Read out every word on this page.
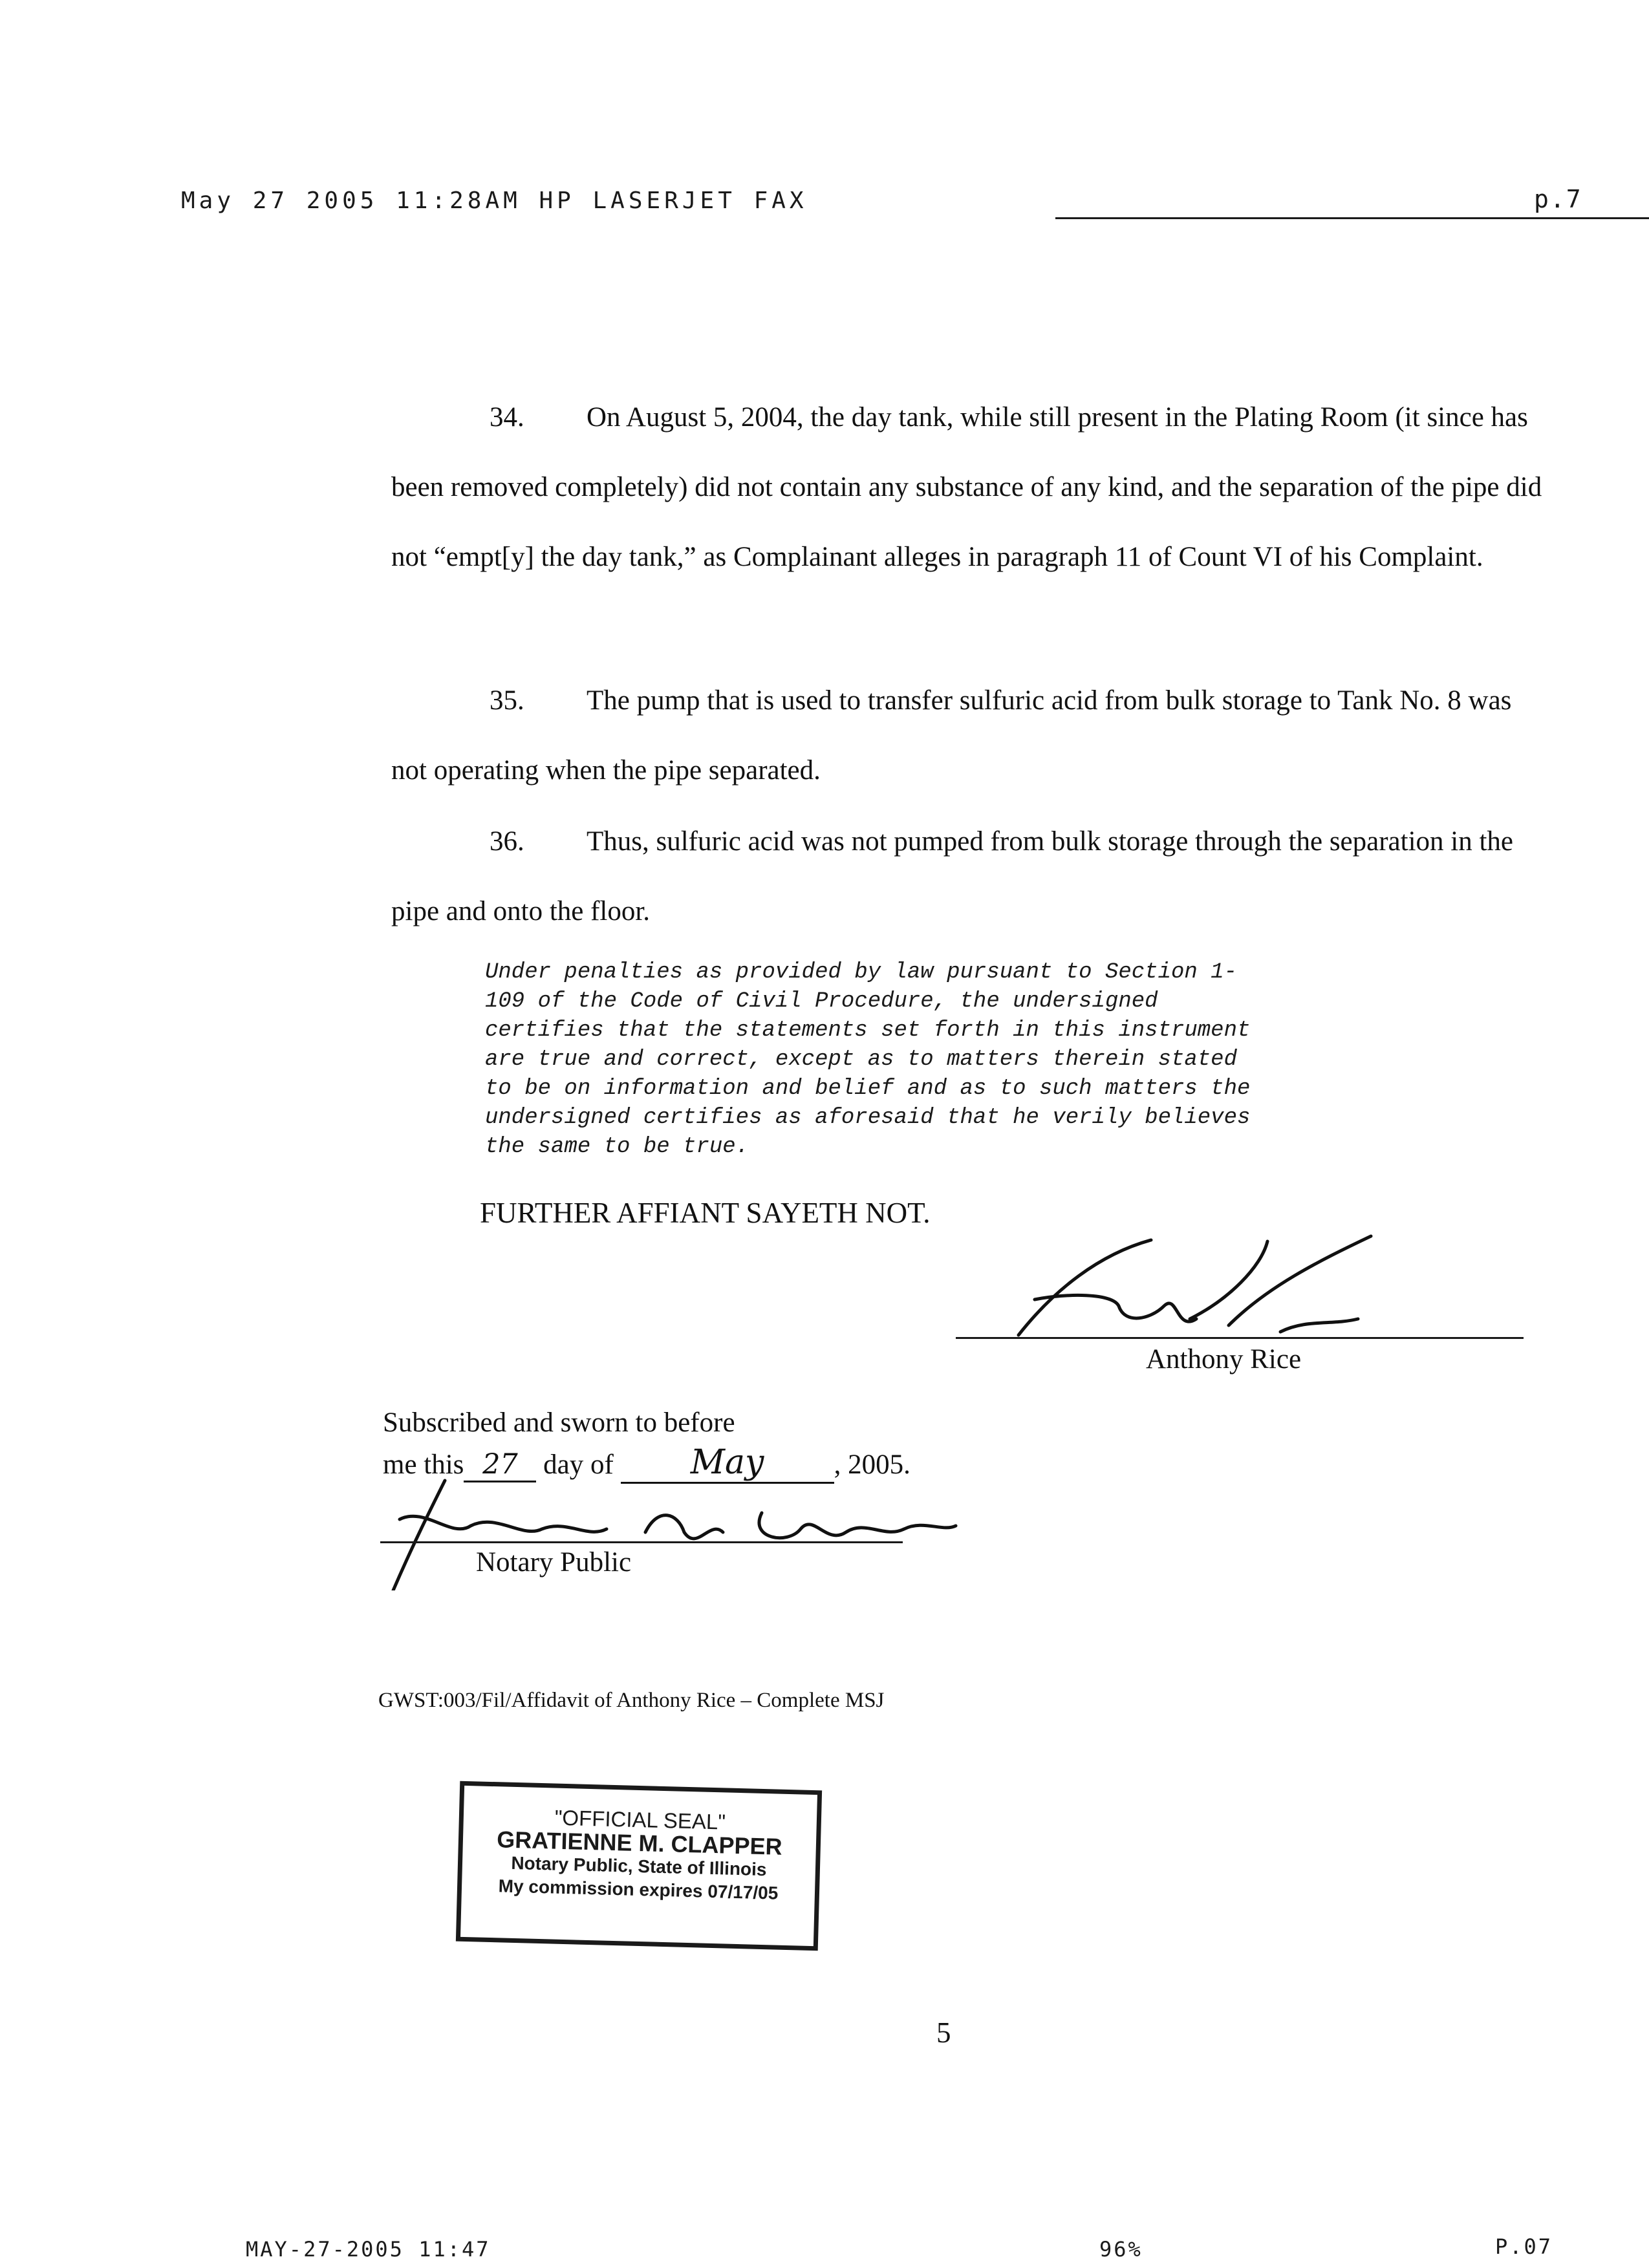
May 27 2005 11:28AM HP LASERJET FAX	p.7
34. On August 5, 2004, the day tank, while still present in the Plating Room (it since has been removed completely) did not contain any substance of any kind, and the separation of the pipe did not “empt[y] the day tank,” as Complainant alleges in paragraph 11 of Count VI of his Complaint.
35. The pump that is used to transfer sulfuric acid from bulk storage to Tank No. 8 was not operating when the pipe separated.
36. Thus, sulfuric acid was not pumped from bulk storage through the separation in the pipe and onto the floor.
Under penalties as provided by law pursuant to Section 1-
109 of the Code of Civil Procedure, the undersigned
certifies that the statements set forth in this instrument
are true and correct, except as to matters therein stated
to be on information and belief and as to such matters the
undersigned certifies as aforesaid that he verily believes
the same to be true.
FURTHER AFFIANT SAYETH NOT.
Anthony Rice
Subscribed and sworn to before
me this 27 day of May	, 2005.
Notary Public
GWST:003/Fil/Affidavit of Anthony Rice – Complete MSJ
"OFFICIAL SEAL"
GRATIENNE M. CLAPPER
Notary Public, State of Illinois
My commission expires 07/17/05
5
MAY-27-2005 11:47	96%	P.07
